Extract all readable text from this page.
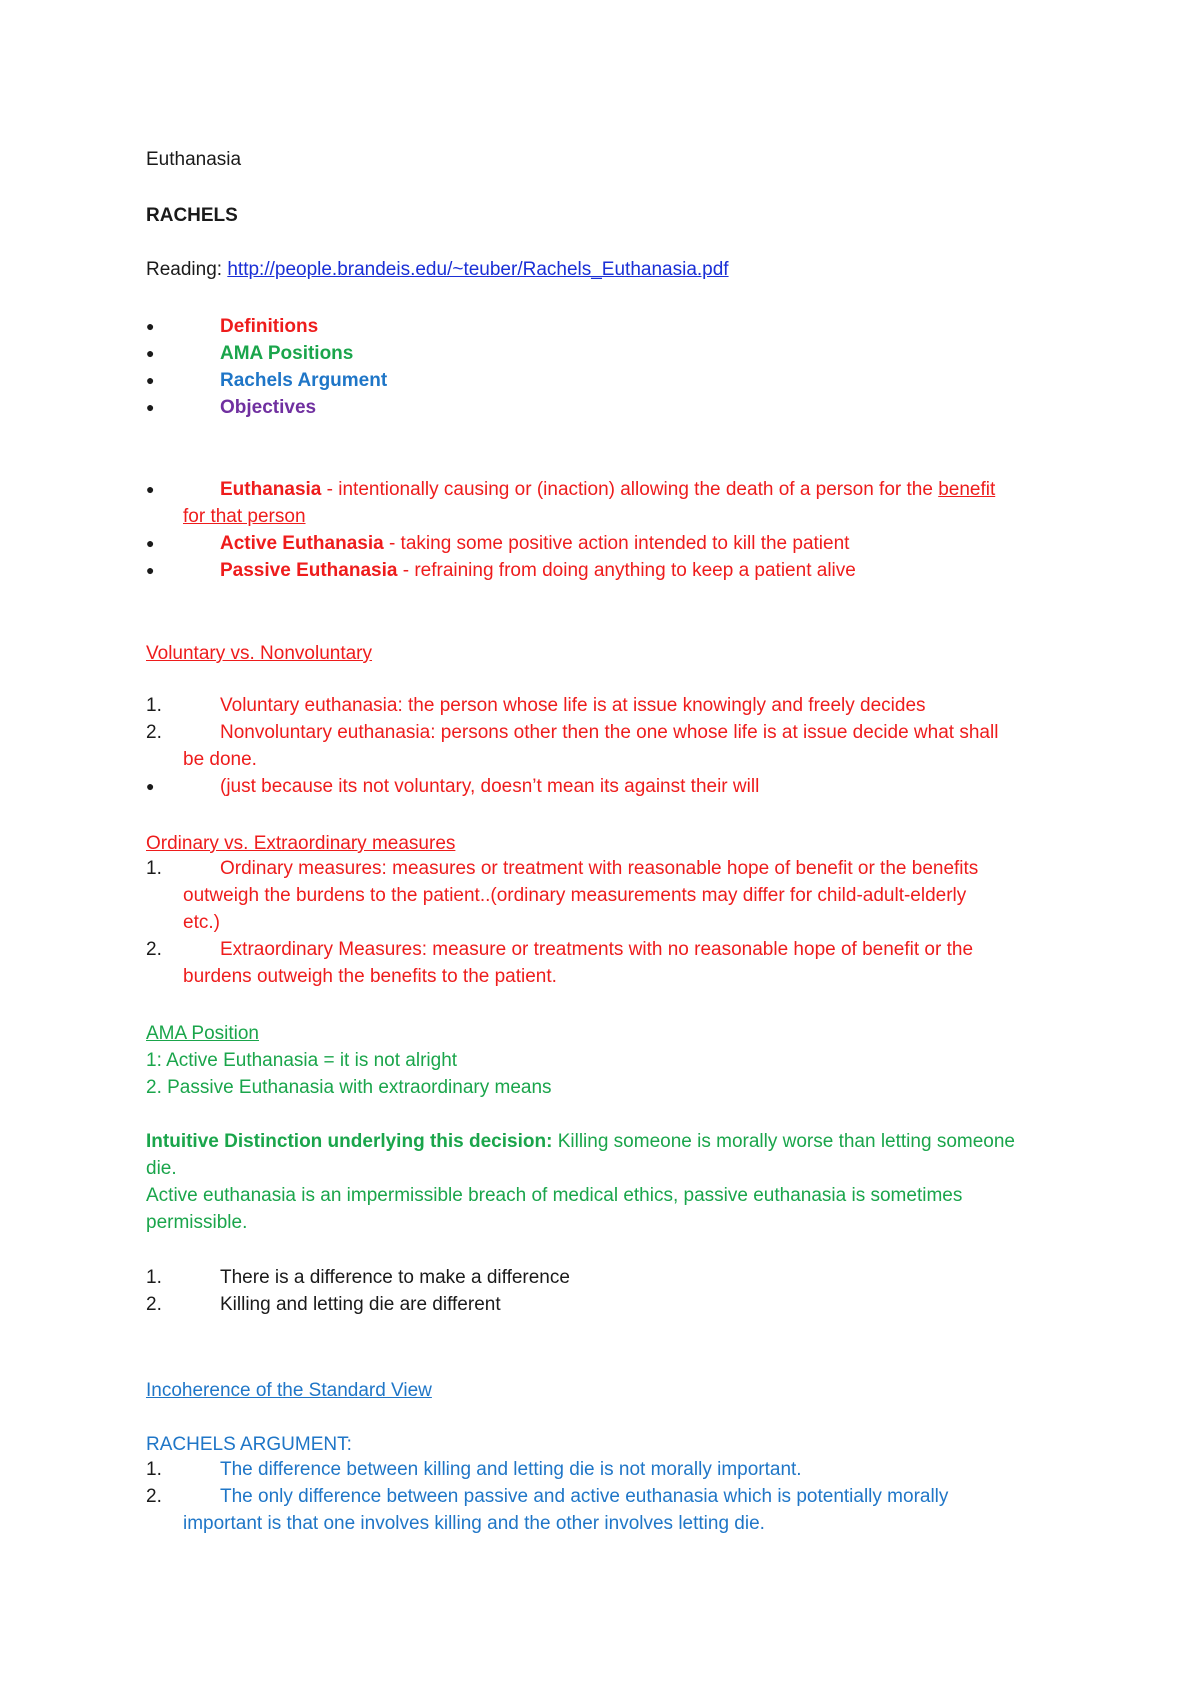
Euthanasia
RACHELS
Reading: http://people.brandeis.edu/~teuber/Rachels_Euthanasia.pdf
●	Definitions
●	AMA Positions
●	Rachels Argument
●	Objectives
●	Euthanasia - intentionally causing or (inaction) allowing the death of a person for the benefit
for that person
●	Active Euthanasia - taking some positive action intended to kill the patient
●	Passive Euthanasia - refraining from doing anything to keep a patient alive
Voluntary vs. Nonvoluntary
1.	Voluntary euthanasia: the person whose life is at issue knowingly and freely decides
2.	Nonvoluntary euthanasia: persons other then the one whose life is at issue decide what shall
be done.
●	(just because its not voluntary, doesn’t mean its against their will
Ordinary vs. Extraordinary measures
1.	Ordinary measures: measures or treatment with reasonable hope of benefit or the benefits
outweigh the burdens to the patient..(ordinary measurements may differ for child-adult-elderly
etc.)
2.	Extraordinary Measures: measure or treatments with no reasonable hope of benefit or the
burdens outweigh the benefits to the patient.
AMA Position
1: Active Euthanasia = it is not alright
2. Passive Euthanasia with extraordinary means
Intuitive Distinction underlying this decision: Killing someone is morally worse than letting someone
die.
Active euthanasia is an impermissible breach of medical ethics, passive euthanasia is sometimes
permissible.
1.	There is a difference to make a difference
2.	Killing and letting die are different
Incoherence of the Standard View
RACHELS ARGUMENT:
1.	The difference between killing and letting die is not morally important.
2.	The only difference between passive and active euthanasia which is potentially morally
important is that one involves killing and the other involves letting die.
